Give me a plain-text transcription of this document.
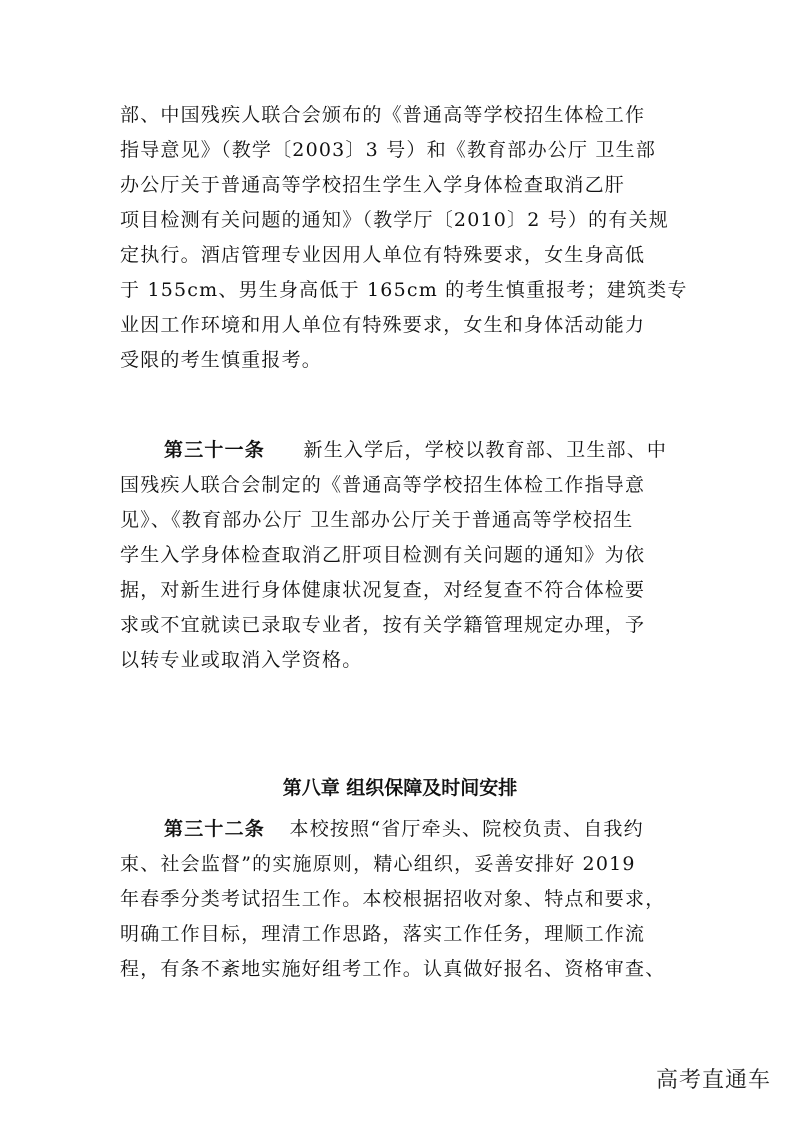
部、中国残疾人联合会颁布的《普通高等学校招生体检工作
指导意见》（教学〔2003〕3 号）和《教育部办公厅 卫生部
办公厅关于普通高等学校招生学生入学身体检查取消乙肝
项目检测有关问题的通知》（教学厅〔2010〕2 号）的有关规
定执行。酒店管理专业因用人单位有特殊要求，女生身高低
于 155cm、男生身高低于 165cm 的考生慎重报考；建筑类专
业因工作环境和用人单位有特殊要求，女生和身体活动能力
受限的考生慎重报考。
第三十一条 新生入学后，学校以教育部、卫生部、中
国残疾人联合会制定的《普通高等学校招生体检工作指导意
见》、《教育部办公厅 卫生部办公厅关于普通高等学校招生
学生入学身体检查取消乙肝项目检测有关问题的通知》为依
据，对新生进行身体健康状况复查，对经复查不符合体检要
求或不宜就读已录取专业者，按有关学籍管理规定办理，予
以转专业或取消入学资格。
第八章 组织保障及时间安排
第三十二条 本校按照“省厅牵头、院校负责、自我约
束、社会监督”的实施原则，精心组织，妥善安排好 2019
年春季分类考试招生工作。本校根据招收对象、特点和要求，
明确工作目标，理清工作思路，落实工作任务，理顺工作流
程，有条不紊地实施好组考工作。认真做好报名、资格审查、
高考直通车
